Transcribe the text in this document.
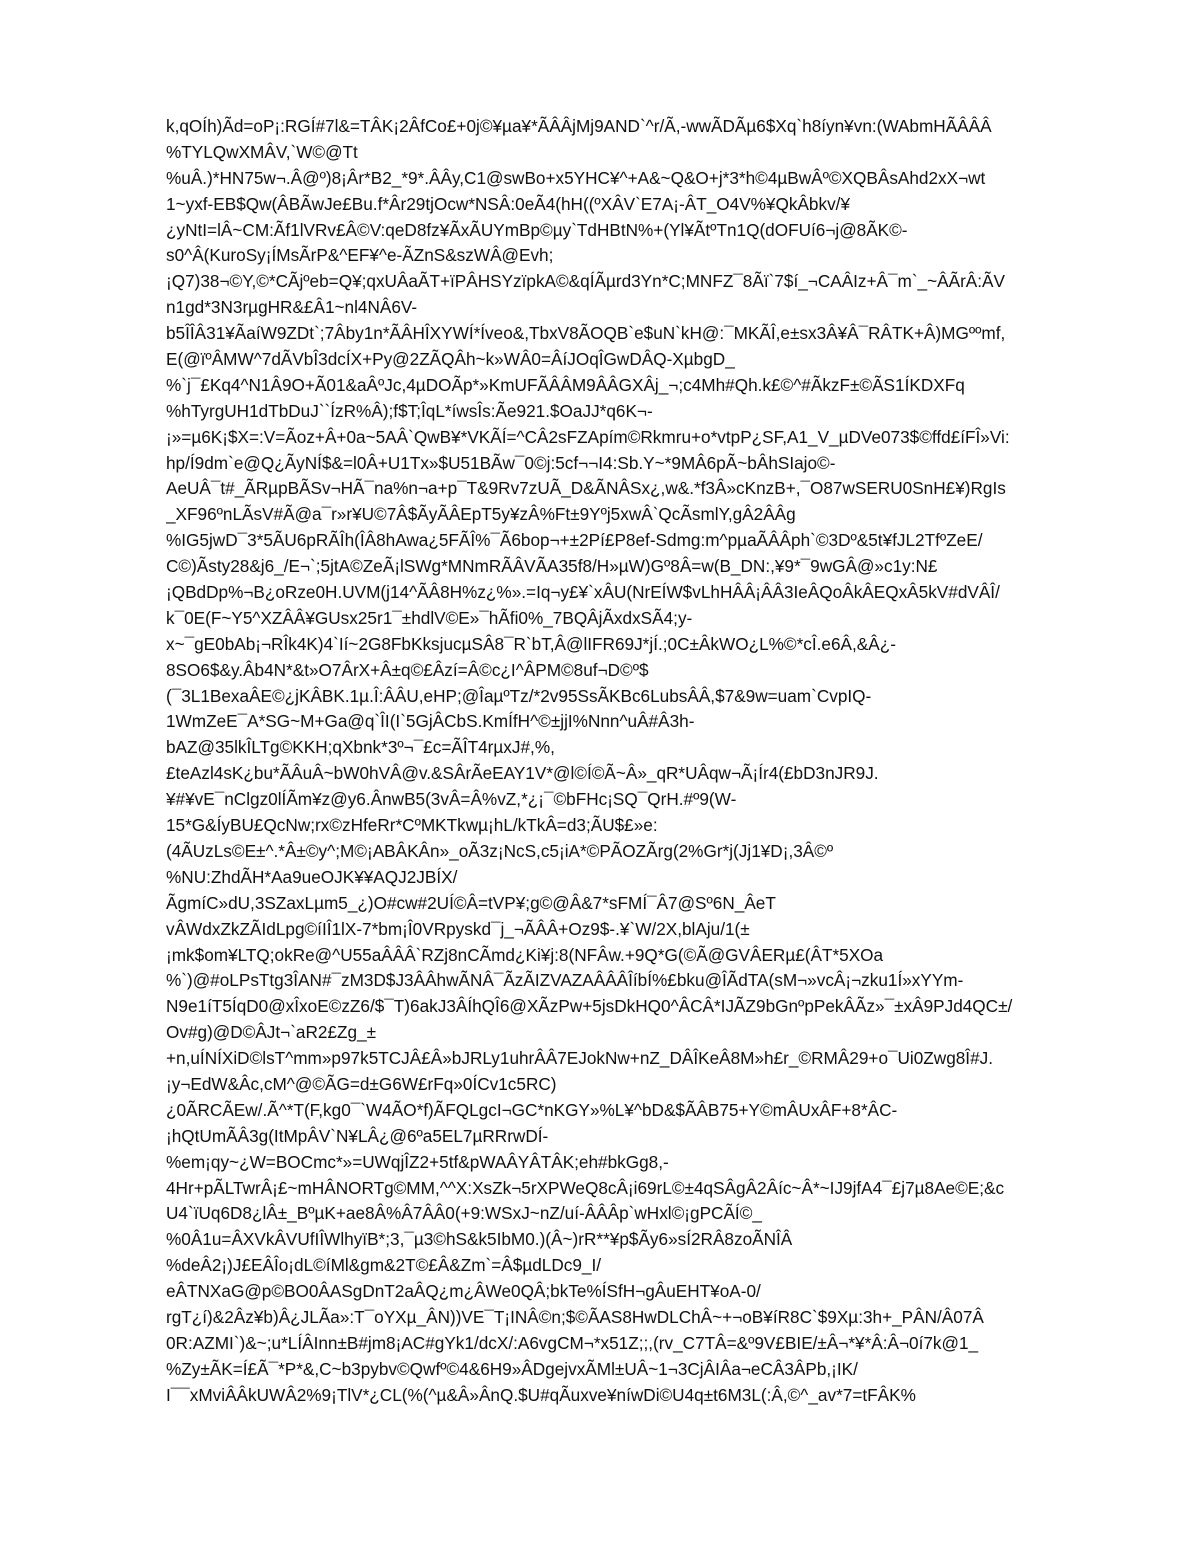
k,qOÍh)Ãd=oP¡:RGÍ#7l&=TÂK¡2ÂfCo£+0j©¥µa¥*ÃÂÂjMj9AND`^r/Ã,-wwÃDÃµ6$Xq`h8íyn¥vn:(WAbmHÃÂÂÂ
%TYLQwXMÂV,`W©@Tt
%uÂ.)*HN75w¬.Â@º)8¡Âr*B2_*9*.ÂÂy,C1@swBo+x5YHC¥^+A&~Q&O+j*3*h©4µBwÂº©XQBÂsAhd2xX¬wt
1~yxf-EB$Qw(ÂBÃwJe£Bu.f*Âr29tjOcw*NSÂ:0eÃ4(hH((ºXÂV`E7A¡-ÂT_O4V%¥QkÂbkv/¥
¿yNtI=lÂ~CM:Ãf1lVRv£Â©V:qeD8fz¥ÃxÃUYmBp©µy`TdHBtN%+(Yl¥ÃtºTn1Q(dOFUí6¬j@8ÃK©-
s0^Â(KuroSy¡ÍMsÃrP&^EF¥^e-ÃZnS&szWÂ@Evh;
¡Q7)38¬©Y,©*CÃjºeb=Q¥;qxUÂaÃT+ïPÂHSYzïpkA©&qÍÃµrd3Yn*C;MNFZ¯8Ãï`7$í_¬CAÂIz+Â¯m`_~ÂÃrÂ:ÃV
n1gd*3N3rµgHR&£Â1~nl4NÂ6V-
b5ÎÎÂ31¥ÃaíW9ZDt`;7Âby1n*ÃÂHÎXYWÍ*Íveo&,TbxV8ÃOQB`e$uN`kH@:¯MKÃÎ,e±sx3Â¥Â¯RÂTK+Â)MGººmf,
E(@ïºÂMW^7dÃVbÎ3dcÍX+Py@2ZÃQÂh~k»WÂ0=ÂíJOqÎGwDÂQ-XµbgD_
%`j¯£Kq4^N1Â9O+Ã01&aÂºJc,4µDOÃp*»KmUFÃÂÂM9ÂÂGXÂj_¬;c4Mh#Qh.k£©^#ÃkzF±©ÃS1ÍKDXFq
%hTyrgUH1dTbDuJ``ÍzR%Â);f$T;ÎqL*íwsÎs:Ãe921.$OaJJ*q6K¬-
¡»=µ6K¡$X=:V=Ãoz+Â+0a~5AÂ`QwB¥*VKÃÍ=^CÂ2sFZApím©Rkmru+o*vtpP¿SF,A1_V_µDVe073$©ffd£íFÎ»Vi:
hp/Í9dm`e@Q¿ÃyNÍ$&=l0Â+U1Tx»$U51BÃw¯0©j:5cf¬¬I4:Sb.Y~*9MÂ6pÃ~bÂhSIajo©-
AeUÂ¯t#_ÃRµpBÃSv¬HÃ¯na%n¬a+p¯T&9Rv7zUÃ_D&ÃNÂSx¿,w&.*f3Â»cKnzB+,¯O87wSERU0SnH£¥)RgIs
_XF96ºnLÃsV#Ã@a¯r»r¥U©7Â$ÃyÃÂEpT5y¥zÂ%Ft±9Yºj5xwÂ`QcÃsmlY,gÂ2ÂÂg
%IG5jwD¯3*5ÃU6pRÃÎh(ÎÂ8hAwa¿5FÃÎ%¯Ã6bop¬+±2Pí£P8ef-Sdmg:m^pµaÃÂÂph`©3Dº&5t¥fJL2TfºZeE/
C©)Ãsty28&j6_/E¬`;5jtA©ZeÃ¡lSWg*MNmRÃÂVÃA35f8/H»µW)Gº8Â=w(B_DN:,¥9*¯9wGÂ@»c1y:N£
¡QBdDp%¬B¿oRze0H.UVM(j14^ÃÂ8H%z¿%».=Iq¬y£¥`xÂU(NrEÍW$vLhHÂÂ¡ÂÂ3IeÂQoÂkÂEQxÂ5kV#dVÂÎ/
k¯0E(F~Y5^XZÂÂ¥GUsx25r1¯±hdlV©E»¯hÃfi0%_7BQÂjÃxdxSÃ4;y-
x~¯gE0bAb¡¬RÎk4K)4`Ií~2G8FbKksjucµSÂ8¯R`bT,Â@lIFR69J*jÍ.;0C±ÂkWO¿L%©*cÎ.e6Â,&Â¿-
8SO6$&y.Âb4N*&t»O7ÂrX+Â±q©£Âzí=Â©c¿I^ÂPM©8uf¬D©º$
(¯3L1BexaÂE©¿jKÂBK.1µ.Î:ÂÂU,eHP;@ÎaµºTz/*2v95SsÃKBc6LubsÂÂ,$7&9w=uam`CvpIQ-
1WmZeE¯A*SG~M+Ga@q`ÎI(I`5GjÂCbS.KmÍfH^©±jjI%Nnn^uÂ#Â3h-
bAZ@35lkÎLTg©KKH;qXbnk*3º¬¯£c=ÃÎT4rµxJ#,%,
£teAzl4sK¿bu*ÃÂuÂ~bW0hVÂ@v.&SÂrÃeEAY1V*@l©Í©Ã~Â»_qR*UÂqw¬Ã¡Ír4(£bD3nJR9J.
¥#¥vE¯nClgz0lÍÃm¥z@y6.ÂnwB5(3vÂ=Â%vZ,*¿¡¯©bFHc¡SQ¯QrH.#º9(W-
15*G&ÍyBU£QcNw;rx©zHfeRr*CºMKTkwµ¡hL/kTkÂ=d3;ÃU$£»e:
(4ÃUzLs©E±^.*Â±©y^;M©¡ABÂKÂn»_oÃ3z¡NcS,c5¡iA*©PÃOZÃrg(2%Gr*j(Jj1¥D¡,3Â©º
%NU:ZhdÃH*Aa9ueOJK¥¥AQJ2JBÍX/
ÃgmíC»dU,3SZaxLµm5_¿)O#cw#2UÍ©Â=tVP¥;g©@Â&7*sFMÍ¯Â7@Sº6N_ÂeT
vÂWdxZkZÃIdLpg©íIÎ1lX-7*bm¡Î0VRpyskd¯j_¬ÃÂÂ+Oz9$-.¥`W/2X,blAju/1(±
¡mk$om¥LTQ;okRe@^U55aÂÂÂ`RZj8nCÃmd¿Ki¥j:8(NFÂw.+9Q*G(©Ã@GVÂERµ£(ÂT*5XOa
%`)@#oLPsTtg3ÎAN#¯zM3D$J3ÂÂhwÃNÂ¯ÃzÃIZVAZAÂÂÂÎíbÍ%£bku@ÎÃdTA(sM¬»vcÂ¡¬zku1Í»xYYm-
N9e1íT5ÍqD0@xÎxoE©zZ6/$¯T)6akJ3ÂÍhQÎ6@XÃzPw+5jsDkHQ0^ÂCÂ*IJÃZ9bGnºpPekÂÃz»¯±xÂ9PJd4QC±/
Ov#g)@D©ÂJt¬`aR2£Zg_±
+n,uÍNÍXiD©lsT^mm»p97k5TCJÂ£Â»bJRLy1uhrÂÂ7EJokNw+nZ_DÂÎKeÂ8M»h£r_©RMÂ29+o¯Ui0Zwg8Î#J.
¡y¬EdW&Âc,cM^@©ÃG=d±G6W£rFq»0ÍCv1c5RC)
¿0ÃRCÃEw/.Ã^*T(F,kg0¯`W4ÃO*f)ÃFQLgcI¬GC*nKGY»%L¥^bD&$ÃÂB75+Y©mÂUxÂF+8*ÂC-
¡hQtUmÃÂ3g(ItMpÂV`N¥LÂ¿@6ºa5EL7µRRrwDÍ-
%em¡qy~¿W=BOCmc*»=UWqjÎZ2+5tf&pWAÂYÂTÂK;eh#bkGg8,-
4Hr+pÃLTwrÂ¡£~mHÂNORTg©MM,^^X:XsZk¬5rXPWeQ8cÂ¡i69rL©±4qSÂgÂ2Âíc~Â*~IJ9jfA4¯£j7µ8Ae©E;&c
U4`ïUq6D8¿lÂ±_BºµK+ae8Â%Â7ÂÂ0(+9:WSxJ~nZ/uí-ÂÂÂp`wHxl©¡gPCÃÍ©_
%0Â1u=ÂXVkÂVUfIÎWlhyïB*;3,¯µ3©hS&k5IbM0.)(Â~)rR**¥p$Ãy6»sÍ2RÂ8zoÃNÎÂ
%deÂ2¡)J£EÂÎo¡dL©íMl&gm&2T©£Â&Zm`=Â$µdLDc9_I/
eÂTNXaG@p©BO0ÂASgDnT2aÂQ¿m¿ÂWe0QÂ;bkTe%ÍSfH¬gÂuEHT¥oA-0/
rgT¿í)&2Âz¥b)Â¿JLÃa»:T¯oYXµ_ÂN))VE¯T¡INÂ©n;$©ÃAS8HwDLChÂ~+¬oB¥íR8C`$9Xµ:3h+_PÂN/Â07Â
0R:AZMI`)&~;u*LÍÂInn±B#jm8¡AC#gYk1/dcX/:A6vgCM¬*x51Z;;,(rv_C7TÂ=&º9V£BIE/±Â¬*¥*Â:Â¬0í7k@1_
%Zy±ÃK=Í£Ã¯*P*&,C~b3pybv©Qwfº©4&6H9»ÂDgejvxÃMl±UÂ~1¬3CjÂIÂa¬eCÂ3ÂPb,¡IK/
I¯¯xMviÂÂkUWÂ2%9¡TlV*¿CL(%(^µ&Â»ÂnQ.$U#qÃuxve¥níwDi©U4q±t6M3L(:Â,©^_av*7=tFÂK%
